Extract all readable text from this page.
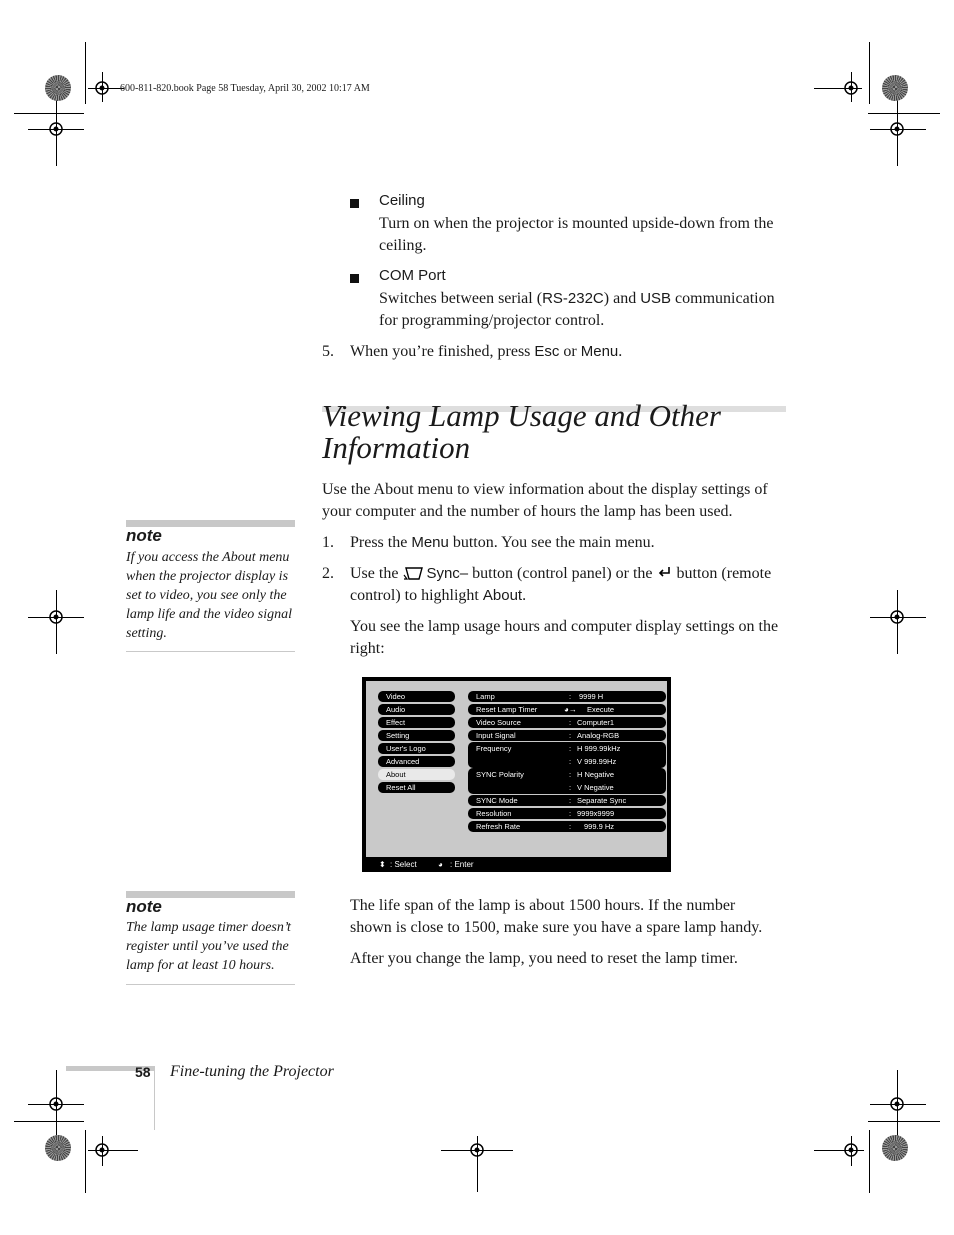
600-811-820.book Page 58 Tuesday, April 30, 2002 10:17 AM
Ceiling
Turn on when the projector is mounted upside-down from the ceiling.
COM Port
Switches between serial (RS-232C) and USB communication for programming/projector control.
5. When you’re finished, press Esc or Menu.
Viewing Lamp Usage and Other
Information
Use the About menu to view information about the display settings of your computer and the number of hours the lamp has been used.
1. Press the Menu button. You see the main menu.
2. Use the Sync– button (control panel) or the  button (remote control) to highlight About.
You see the lamp usage hours and computer display settings on the right:
Video
Audio
Effect
Setting
User's Logo
Advanced
About
Reset All
Lamp	: 9999 H
Reset Lamp Timer	◕→ Execute
Video Source	: Computer1
Input Signal	: Analog-RGB
Frequency	: H 999.99kHz
: V 999.99Hz
SYNC Polarity	: H Negative
: V Negative
SYNC Mode	: Separate Sync
Resolution	: 9999x9999
Refresh Rate	: 999.9 Hz
⬍ : Select	◕ : Enter
The life span of the lamp is about 1500 hours. If the number shown is close to 1500, make sure you have a spare lamp handy.
After you change the lamp, you need to reset the lamp timer.
note
If you access the About menu when the projector display is set to video, you see only the lamp life and the video signal setting.
note
The lamp usage timer doesn’t register until you’ve used the lamp for at least 10 hours.
58 Fine-tuning the Projector
